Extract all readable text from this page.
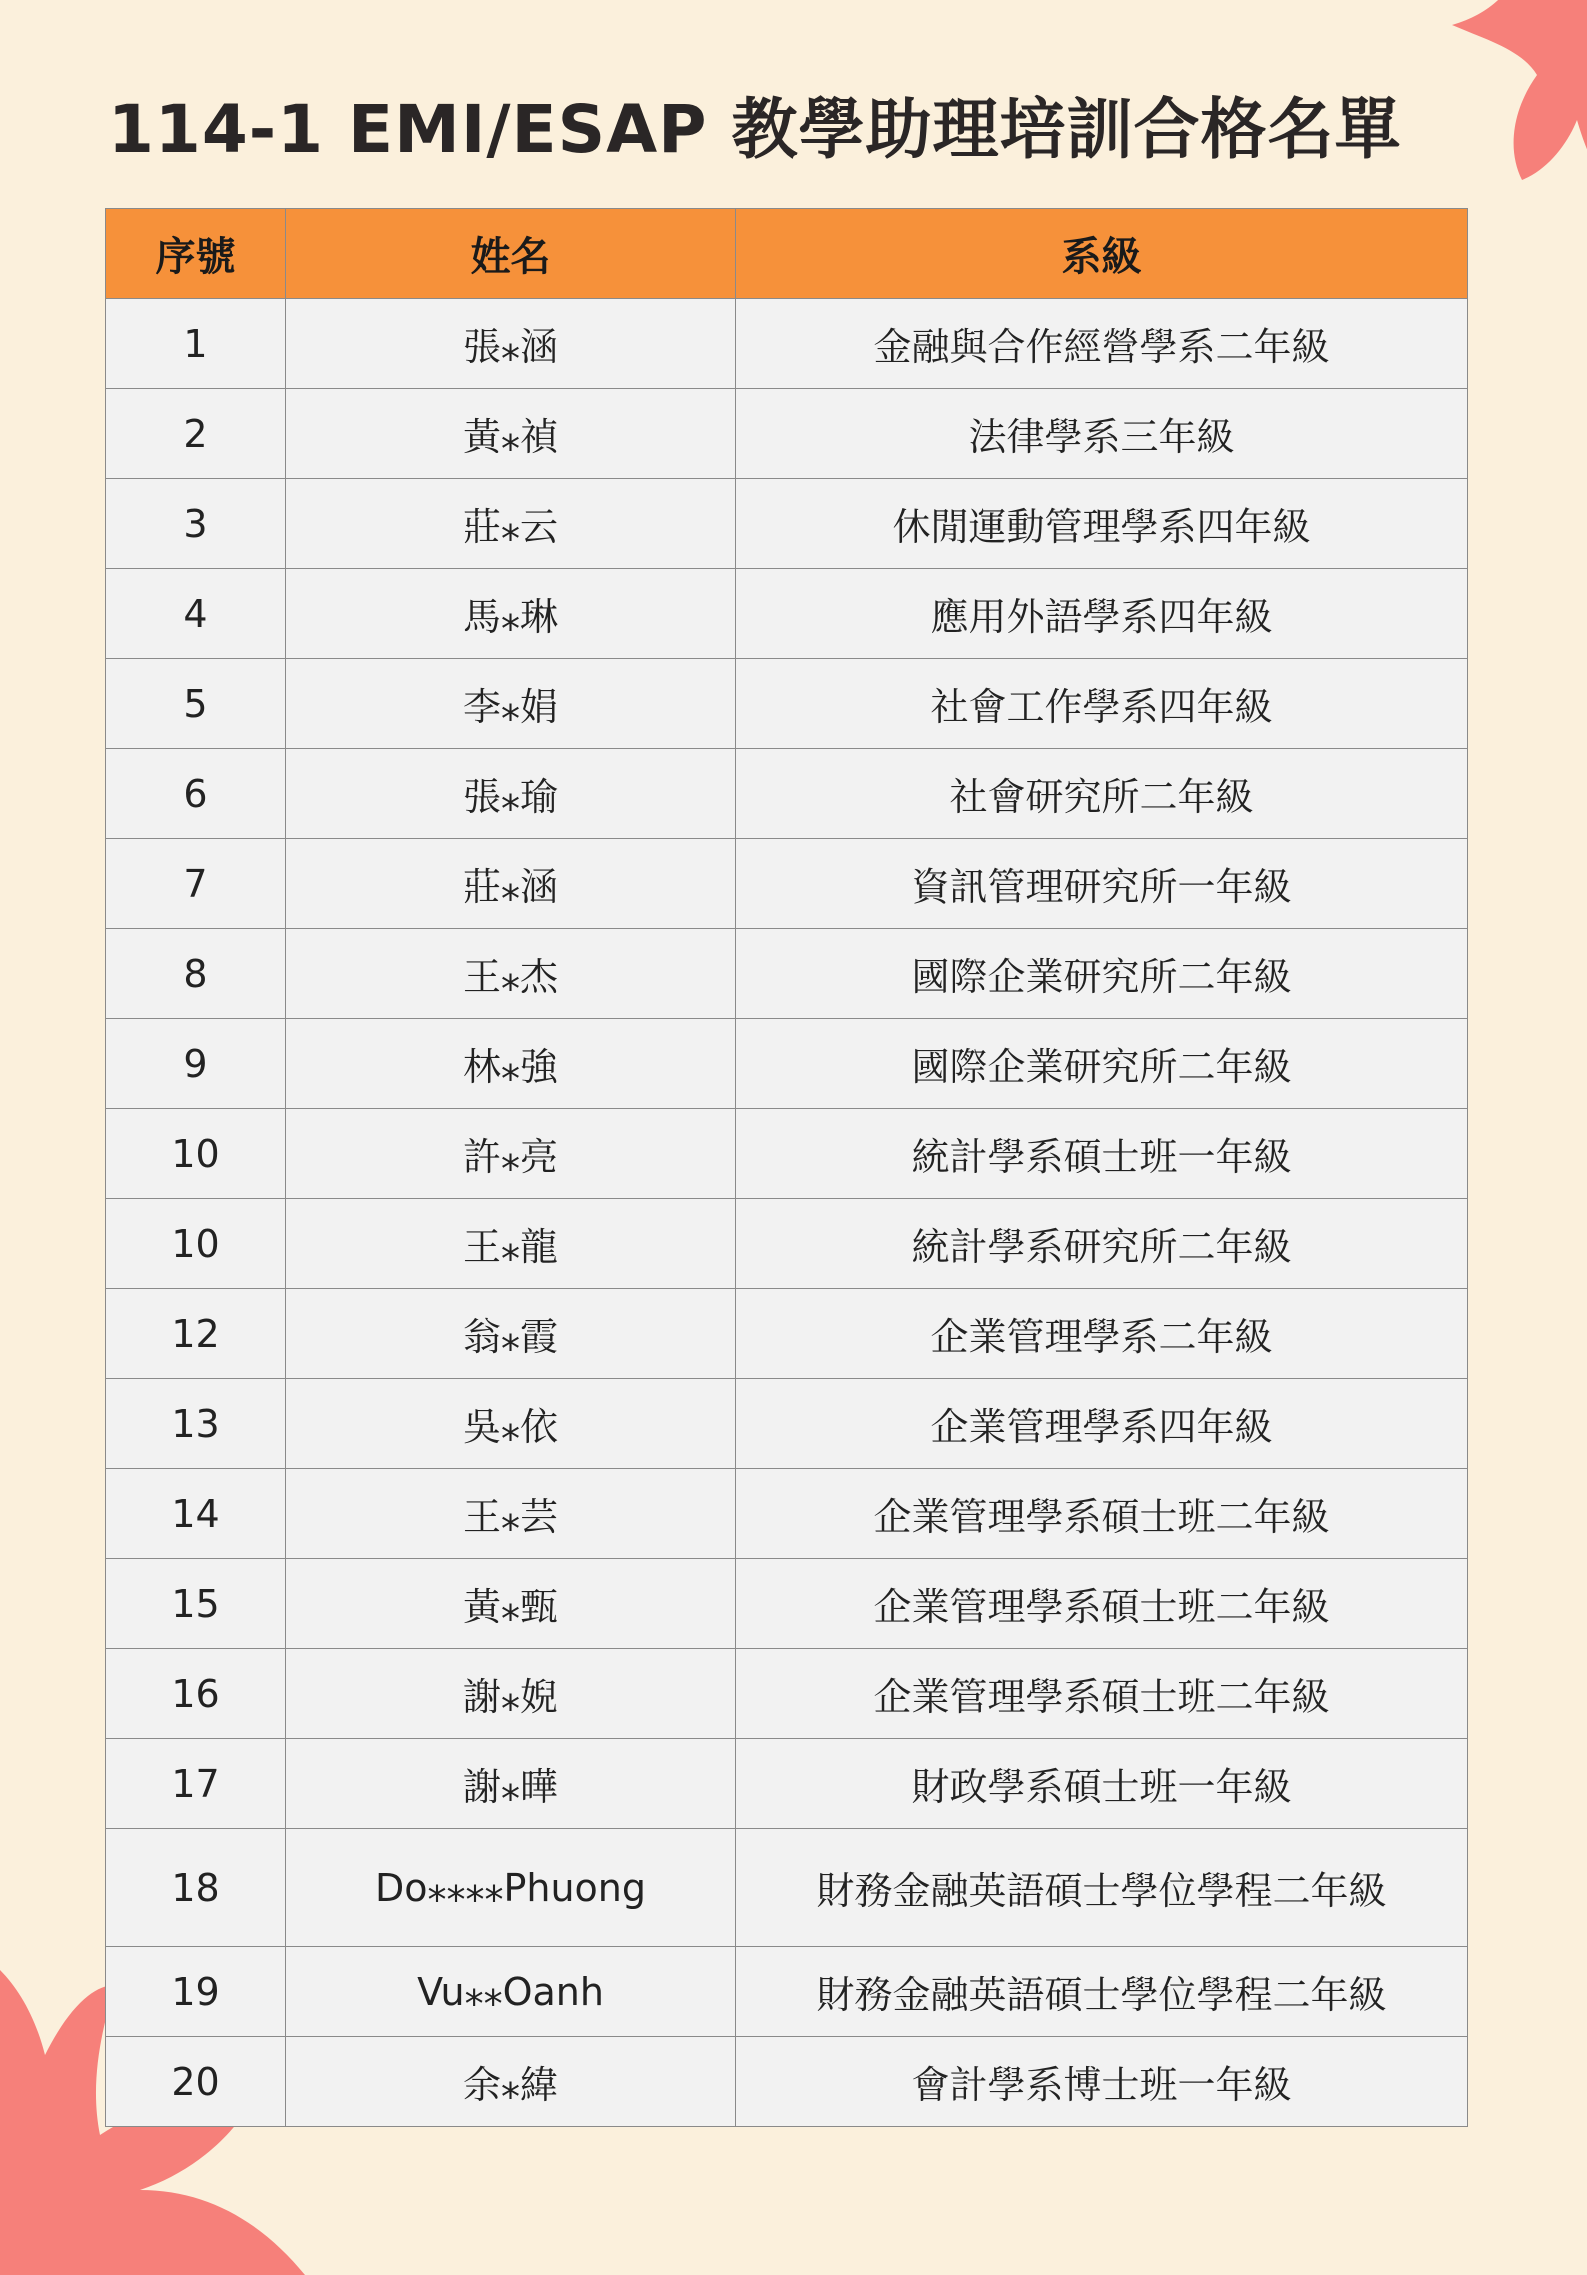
114-1 EMI/ESAP 教學助理培訓合格名單
序號	姓名	系級
1	張⁎涵	金融與合作經營學系二年級
2	黃⁎禎	法律學系三年級
3	莊⁎云	休閒運動管理學系四年級
4	馬⁎琳	應用外語學系四年級
5	李⁎娟	社會工作學系四年級
6	張⁎瑜	社會研究所二年級
7	莊⁎涵	資訊管理研究所一年級
8	王⁎杰	國際企業研究所二年級
9	林⁎強	國際企業研究所二年級
10	許⁎亮	統計學系碩士班一年級
10	王⁎龍	統計學系研究所二年級
12	翁⁎霞	企業管理學系二年級
13	吳⁎依	企業管理學系四年級
14	王⁎芸	企業管理學系碩士班二年級
15	黃⁎甄	企業管理學系碩士班二年級
16	謝⁎婗	企業管理學系碩士班二年級
17	謝⁎曄	財政學系碩士班一年級
18	Do⁎⁎⁎⁎Phuong	財務金融英語碩士學位學程二年級
19	Vu⁎⁎Oanh	財務金融英語碩士學位學程二年級
20	余⁎緯	會計學系博士班一年級
